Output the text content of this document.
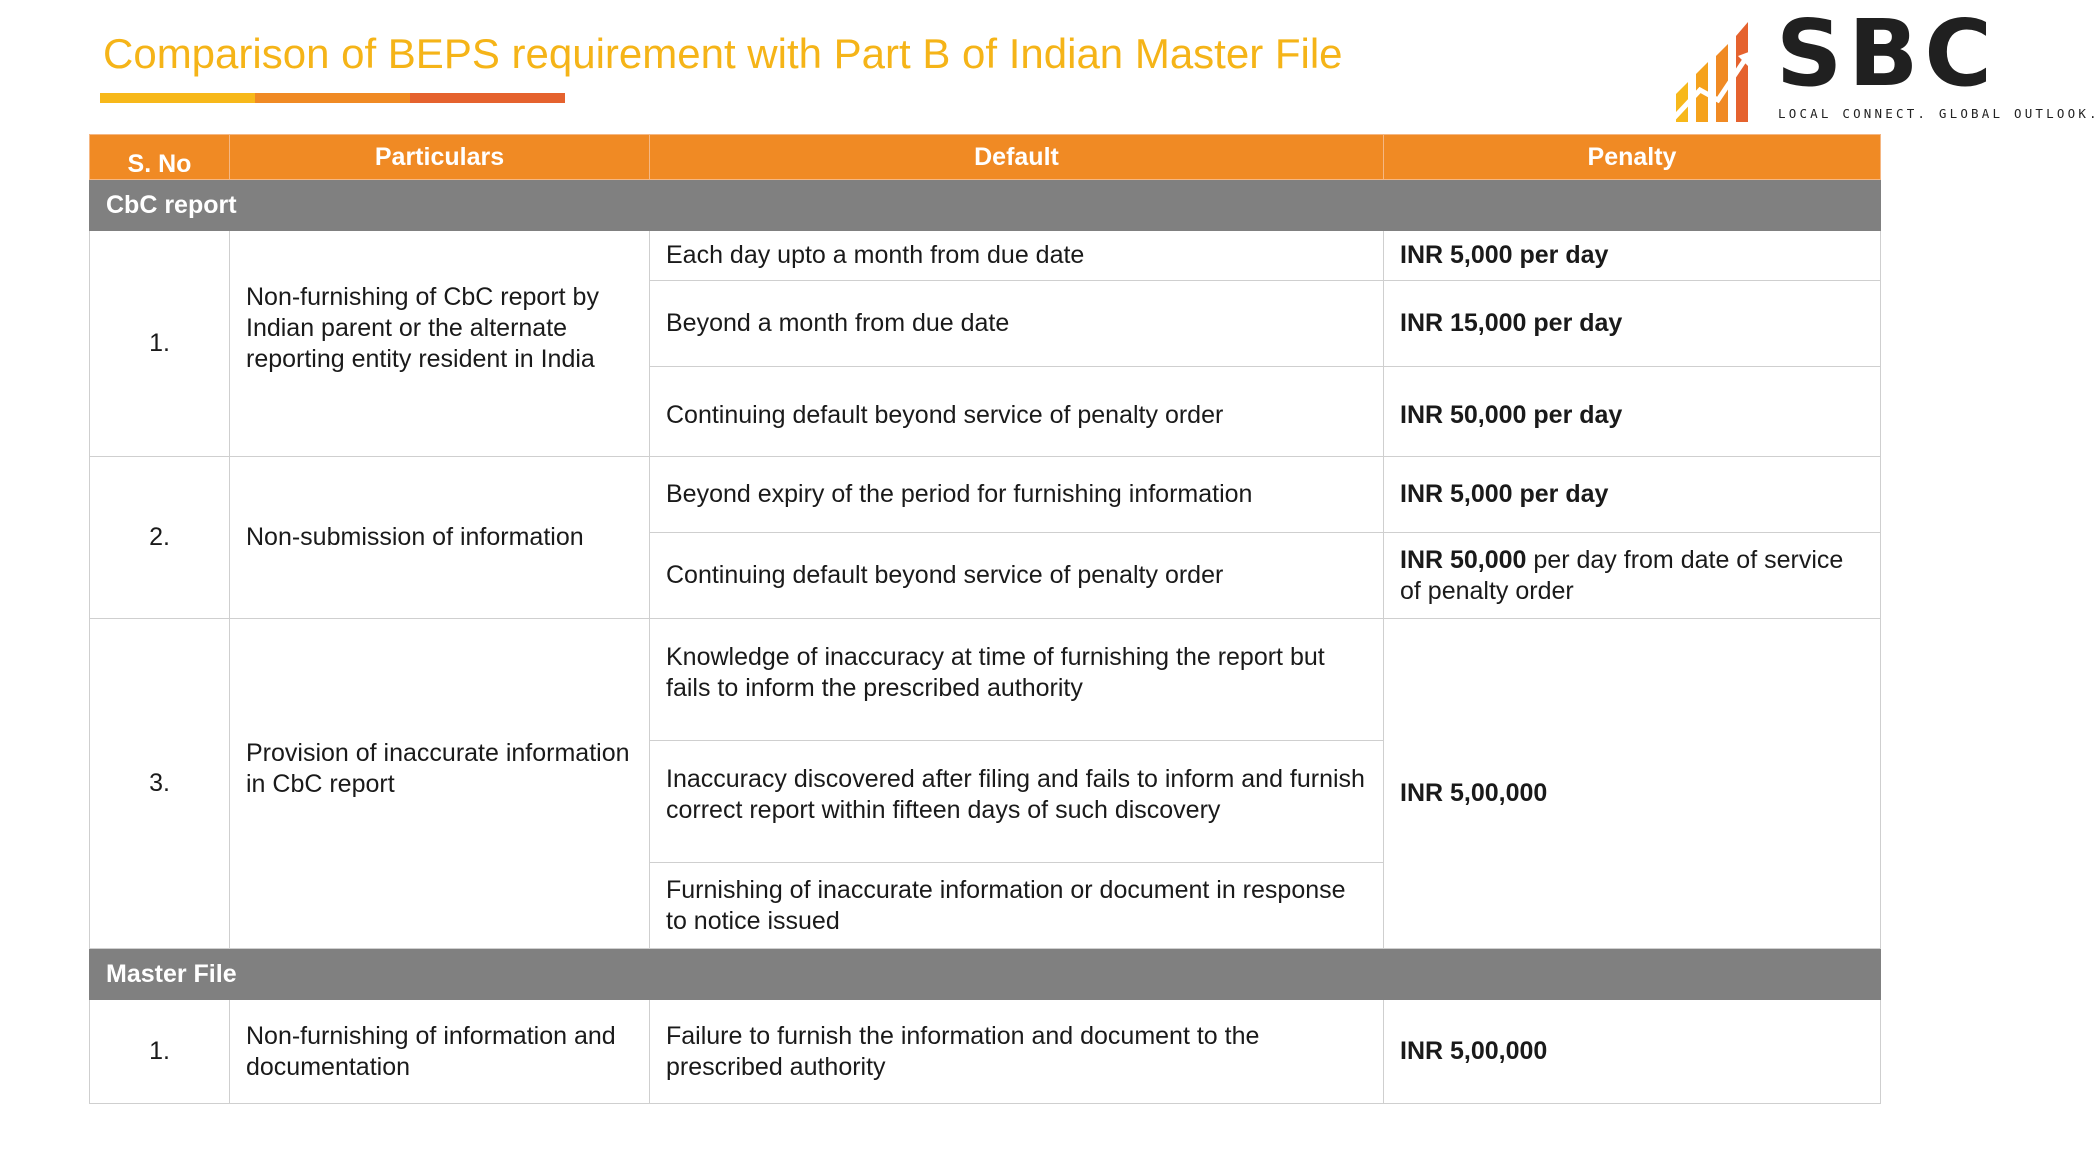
Comparison of BEPS requirement with Part B of Indian Master File	SBC
LOCAL CONNECT. GLOBAL OUTLOOK.
S. No	Particulars	Default	Penalty
CbC report			
1.	Non-furnishing of CbC report by Indian parent or the alternate reporting entity resident in India	Each day upto a month from due date	INR 5,000 per day
		Beyond a month from due date	INR 15,000 per day
		Continuing default beyond service of penalty order	INR 50,000 per day
2.	Non-submission of information	Beyond expiry of the period for furnishing information	INR 5,000 per day
		Continuing default beyond service of penalty order	INR 50,000 per day from date of service of penalty order
3.	Provision of inaccurate information in CbC report	Knowledge of inaccuracy at time of furnishing the report but fails to inform the prescribed authority	INR 5,00,000
		Inaccuracy discovered after filing and fails to inform and furnish correct report within fifteen days of such discovery	
		Furnishing of inaccurate information or document in response to notice issued	
Master File			
1.	Non-furnishing of information and documentation	Failure to furnish the information and document to the prescribed authority	INR 5,00,000
